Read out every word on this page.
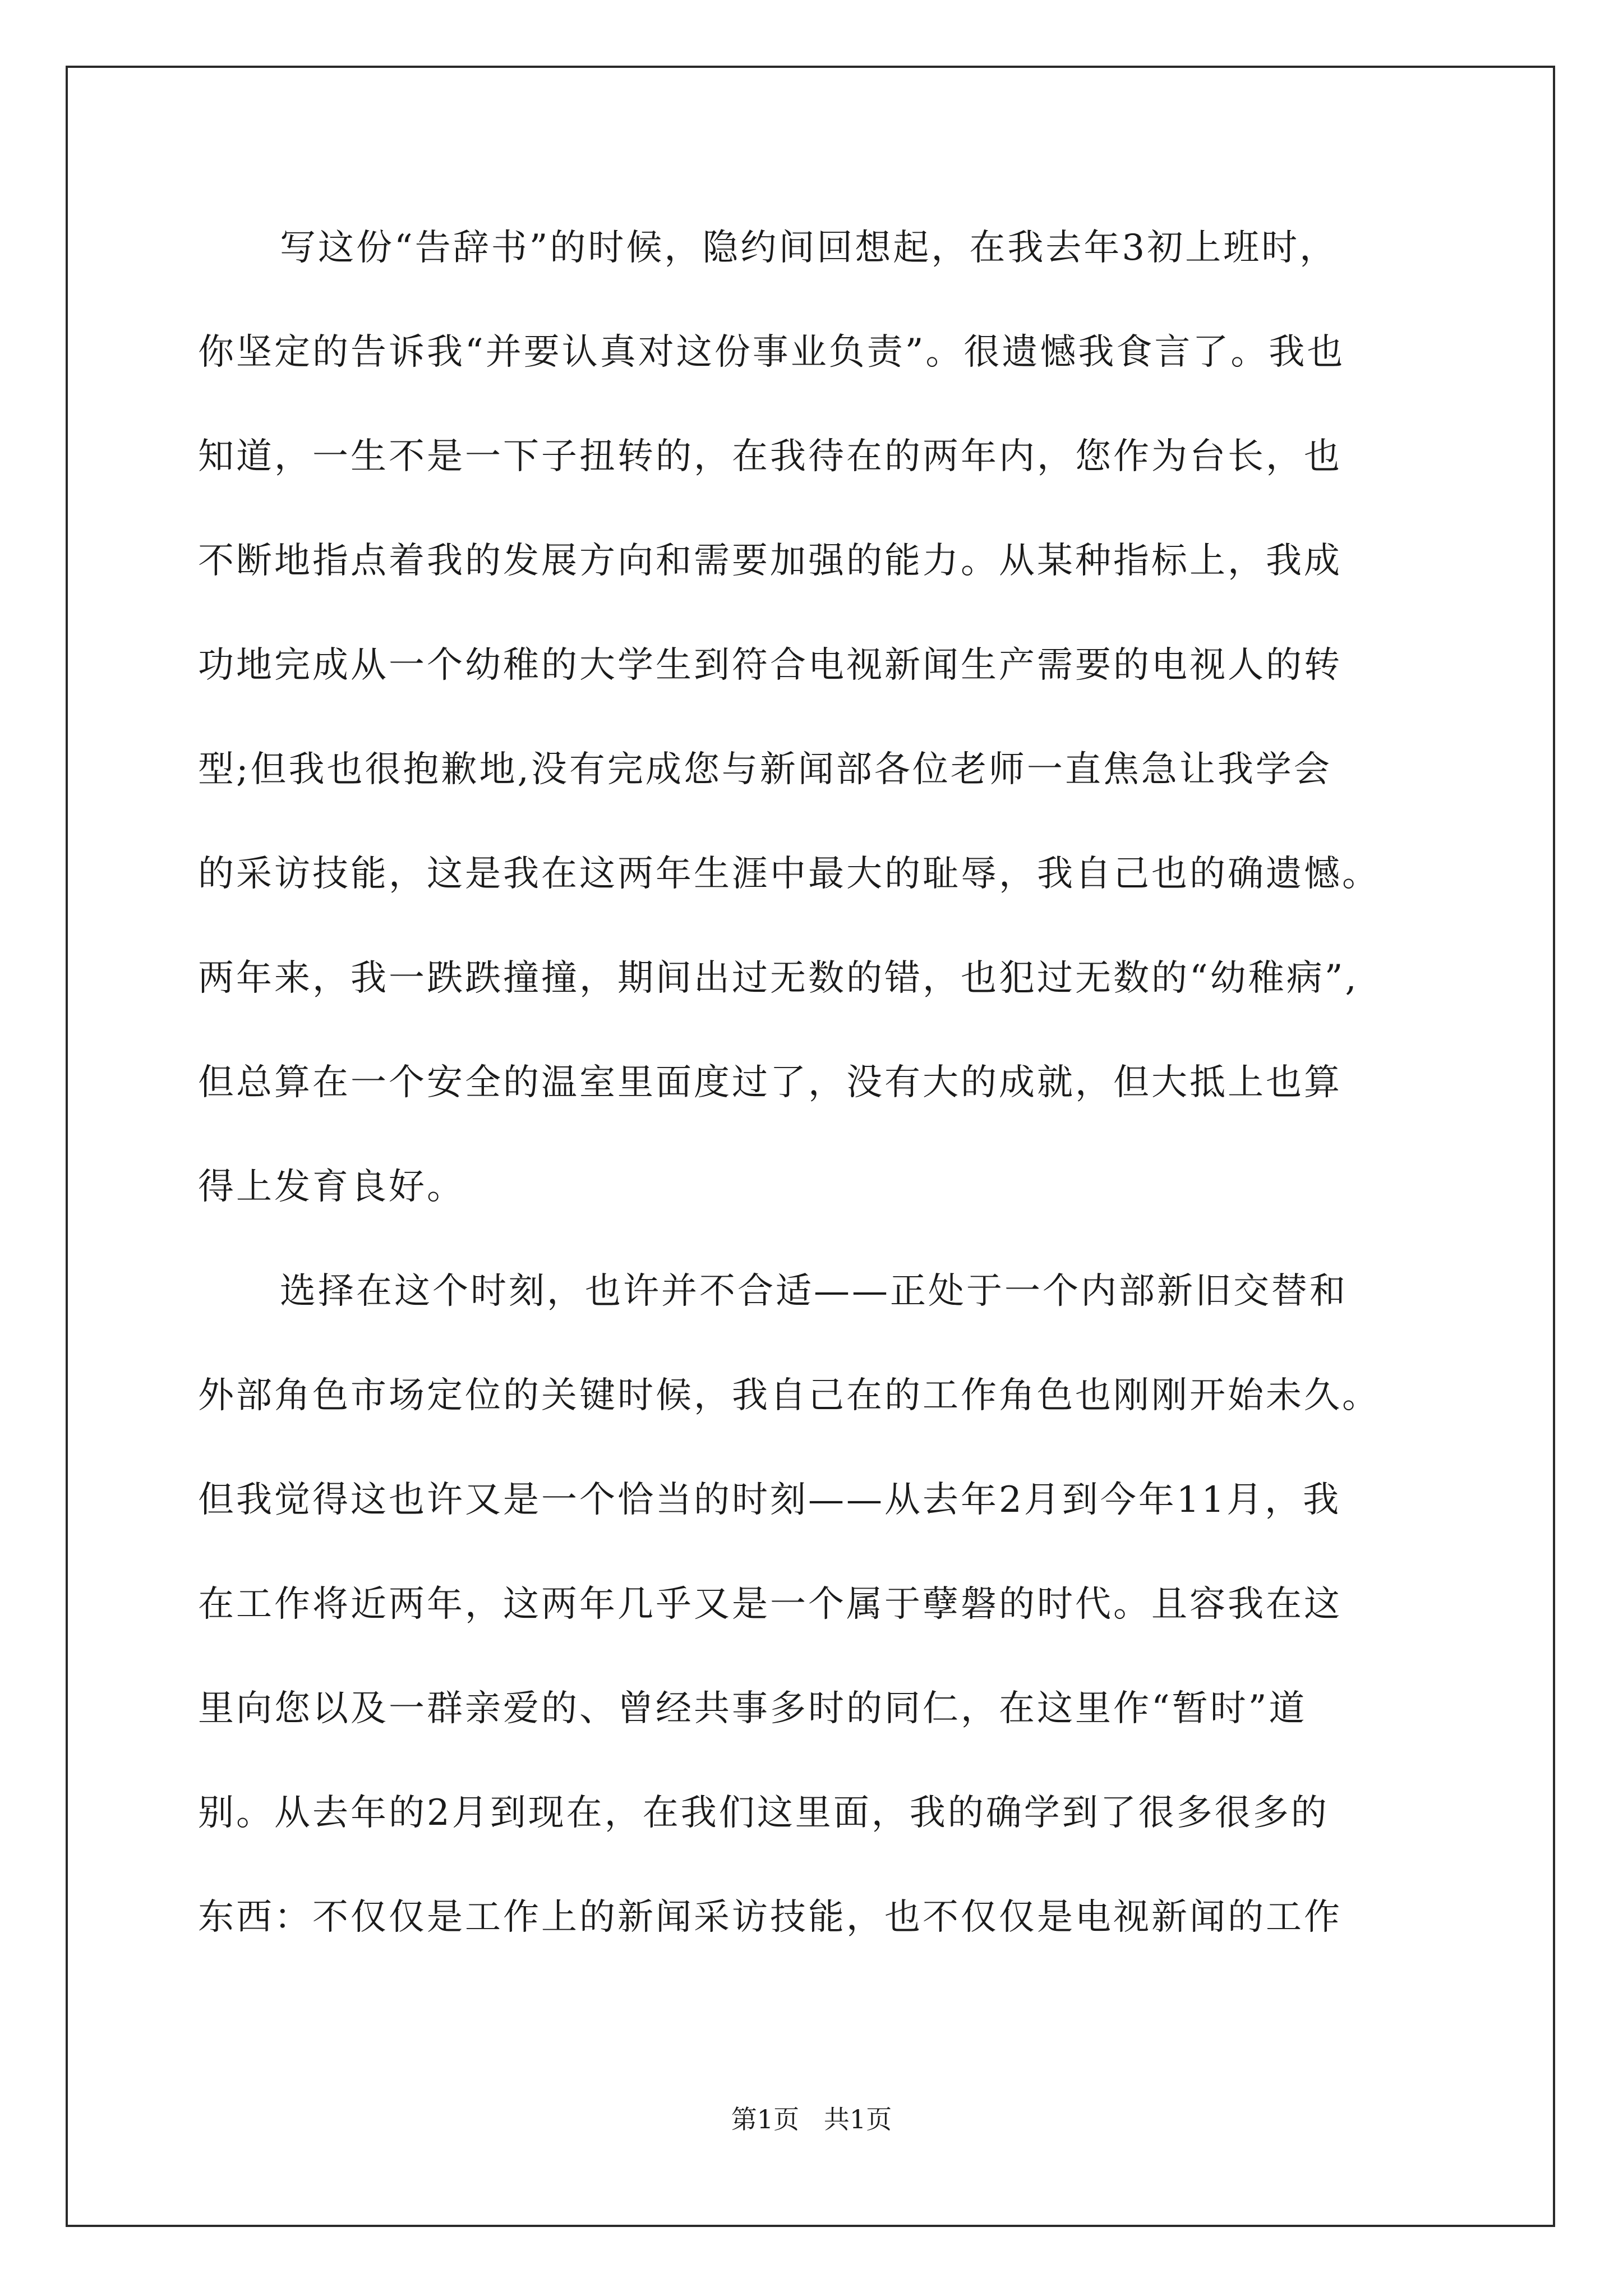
写这份“告辞书”的时候，隐约间回想起，在我去年3初上班时，
你坚定的告诉我“并要认真对这份事业负责”。很遗憾我食言了。我也
知道，一生不是一下子扭转的，在我待在的两年内，您作为台长，也
不断地指点着我的发展方向和需要加强的能力。从某种指标上，我成
功地完成从一个幼稚的大学生到符合电视新闻生产需要的电视人的转
型;但我也很抱歉地,没有完成您与新闻部各位老师一直焦急让我学会
的采访技能，这是我在这两年生涯中最大的耻辱，我自己也的确遗憾。
两年来，我一跌跌撞撞，期间出过无数的错，也犯过无数的“幼稚病”,
但总算在一个安全的温室里面度过了，没有大的成就，但大抵上也算
得上发育良好。
选择在这个时刻，也许并不合适——正处于一个内部新旧交替和
外部角色市场定位的关键时候，我自己在的工作角色也刚刚开始未久。
但我觉得这也许又是一个恰当的时刻——从去年2月到今年11月，我
在工作将近两年，这两年几乎又是一个属于孽磐的时代。且容我在这
里向您以及一群亲爱的、曾经共事多时的同仁，在这里作“暂时”道
别。从去年的2月到现在，在我们这里面，我的确学到了很多很多的
东西：不仅仅是工作上的新闻采访技能，也不仅仅是电视新闻的工作
第1页   共1页
